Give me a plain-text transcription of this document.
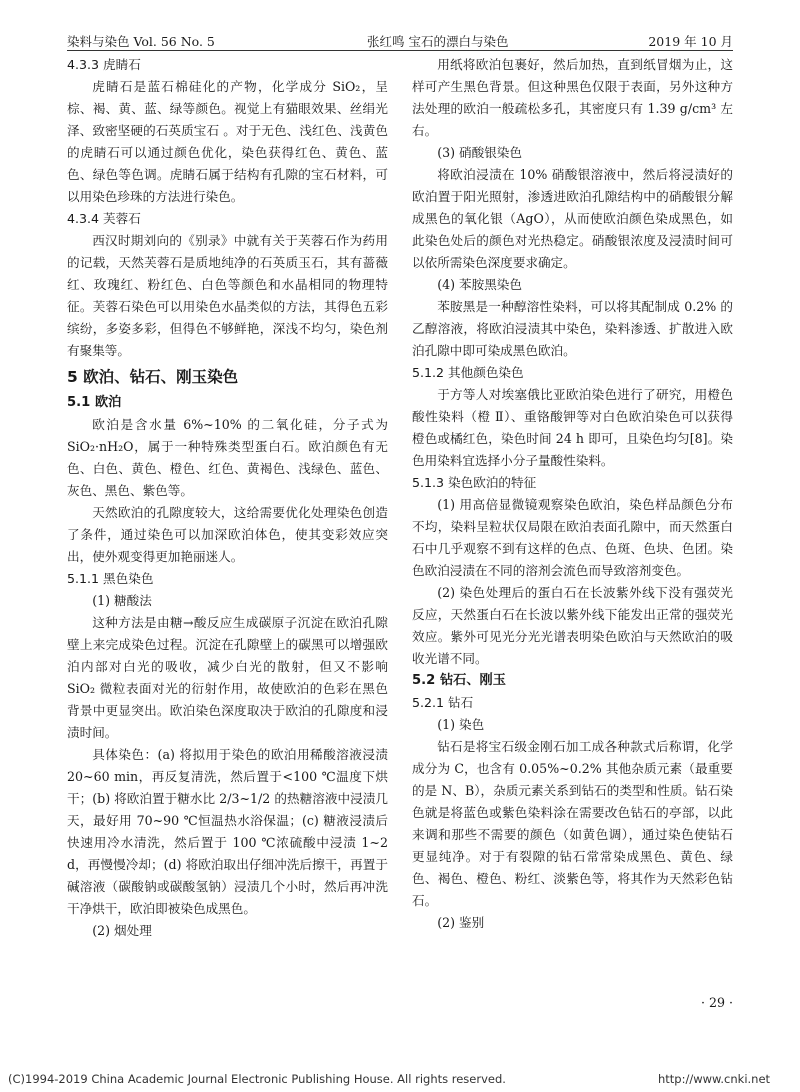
染料与染色 Vol. 56 No. 5	张红鸣 宝石的漂白与染色	2019 年 10 月

4.3.3 虎睛石

虎睛石是蓝石棉硅化的产物，化学成分 SiO₂，呈棕、褐、黄、蓝、绿等颜色。视觉上有猫眼效果、丝绢光泽、致密坚硬的石英质宝石 。对于无色、浅红色、浅黄色的虎睛石可以通过颜色优化，染色获得红色、黄色、蓝色、绿色等色调。虎睛石属于结构有孔隙的宝石材料，可以用染色珍珠的方法进行染色。

4.3.4 芙蓉石

西汉时期刘向的《别录》中就有关于芙蓉石作为药用的记载，天然芙蓉石是质地纯净的石英质玉石，其有蔷薇红、玫瑰红、粉红色、白色等颜色和水晶相同的物理特征。芙蓉石染色可以用染色水晶类似的方法，其得色五彩缤纷，多姿多彩，但得色不够鲜艳，深浅不均匀，染色剂有聚集等。

5 欧泊、钻石、刚玉染色

5.1 欧泊

欧泊是含水量 6%~10% 的二氧化硅，分子式为 SiO₂·nH₂O，属于一种特殊类型蛋白石。欧泊颜色有无色、白色、黄色、橙色、红色、黄褐色、浅绿色、蓝色、灰色、黑色、紫色等。

天然欧泊的孔隙度较大，这给需要优化处理染色创造了条件，通过染色可以加深欧泊体色，使其变彩效应突出，使外观变得更加艳丽迷人。

5.1.1 黑色染色

(1) 糖酸法

这种方法是由糖→酸反应生成碳原子沉淀在欧泊孔隙壁上来完成染色过程。沉淀在孔隙壁上的碳黑可以增强欧泊内部对白光的吸收，减少白光的散射，但又不影响 SiO₂ 微粒表面对光的衍射作用，故使欧泊的色彩在黑色背景中更显突出。欧泊染色深度取决于欧泊的孔隙度和浸渍时间。

具体染色：(a) 将拟用于染色的欧泊用稀酸溶液浸渍 20~60 min，再反复清洗，然后置于<100 ℃温度下烘干；(b) 将欧泊置于糖水比 2/3~1/2 的热糖溶液中浸渍几天，最好用 70~90 ℃恒温热水浴保温；(c) 糖液浸渍后快速用冷水清洗，然后置于 100 ℃浓硫酸中浸渍 1~2 d，再慢慢冷却；(d) 将欧泊取出仔细冲洗后擦干，再置于碱溶液（碳酸钠或碳酸氢钠）浸渍几个小时，然后再冲洗干净烘干，欧泊即被染色成黑色。

(2) 烟处理

用纸将欧泊包裹好，然后加热，直到纸冒烟为止，这样可产生黑色背景。但这种黑色仅限于表面，另外这种方法处理的欧泊一般疏松多孔，其密度只有 1.39 g/cm³ 左右。

(3) 硝酸银染色

将欧泊浸渍在 10% 硝酸银溶液中，然后将浸渍好的欧泊置于阳光照射，渗透进欧泊孔隙结构中的硝酸银分解成黑色的氧化银（AgO），从而使欧泊颜色染成黑色，如此染色处后的颜色对光热稳定。硝酸银浓度及浸渍时间可以依所需染色深度要求确定。

(4) 苯胺黑染色

苯胺黑是一种醇溶性染料，可以将其配制成 0.2% 的乙醇溶液，将欧泊浸渍其中染色，染料渗透、扩散进入欧泊孔隙中即可染成黑色欧泊。

5.1.2 其他颜色染色

于方等人对埃塞俄比亚欧泊染色进行了研究，用橙色酸性染料（橙 Ⅱ）、重铬酸钾等对白色欧泊染色可以获得橙色或橘红色，染色时间 24 h 即可，且染色均匀[8]。染色用染料宜选择小分子量酸性染料。

5.1.3 染色欧泊的特征

(1) 用高倍显微镜观察染色欧泊，染色样品颜色分布不均，染料呈粒状仅局限在欧泊表面孔隙中，而天然蛋白石中几乎观察不到有这样的色点、色斑、色块、色团。染色欧泊浸渍在不同的溶剂会流色而导致溶剂变色。

(2) 染色处理后的蛋白石在长波紫外线下没有强荧光反应，天然蛋白石在长波以紫外线下能发出正常的强荧光效应。紫外可见光分光光谱表明染色欧泊与天然欧泊的吸收光谱不同。

5.2 钻石、刚玉

5.2.1 钻石

(1) 染色

钻石是将宝石级金刚石加工成各种款式后称谓，化学成分为 C，也含有 0.05%~0.2% 其他杂质元素（最重要的是 N、B），杂质元素关系到钻石的类型和性质。钻石染色就是将蓝色或紫色染料涂在需要改色钻石的亭部，以此来调和那些不需要的颜色（如黄色调），通过染色使钻石更显纯净。对于有裂隙的钻石常常染成黑色、黄色、绿色、褐色、橙色、粉红、淡紫色等，将其作为天然彩色钻石。

(2) 鉴别

· 29 ·
(C)1994-2019 China Academic Journal Electronic Publishing House. All rights reserved.	http://www.cnki.net
